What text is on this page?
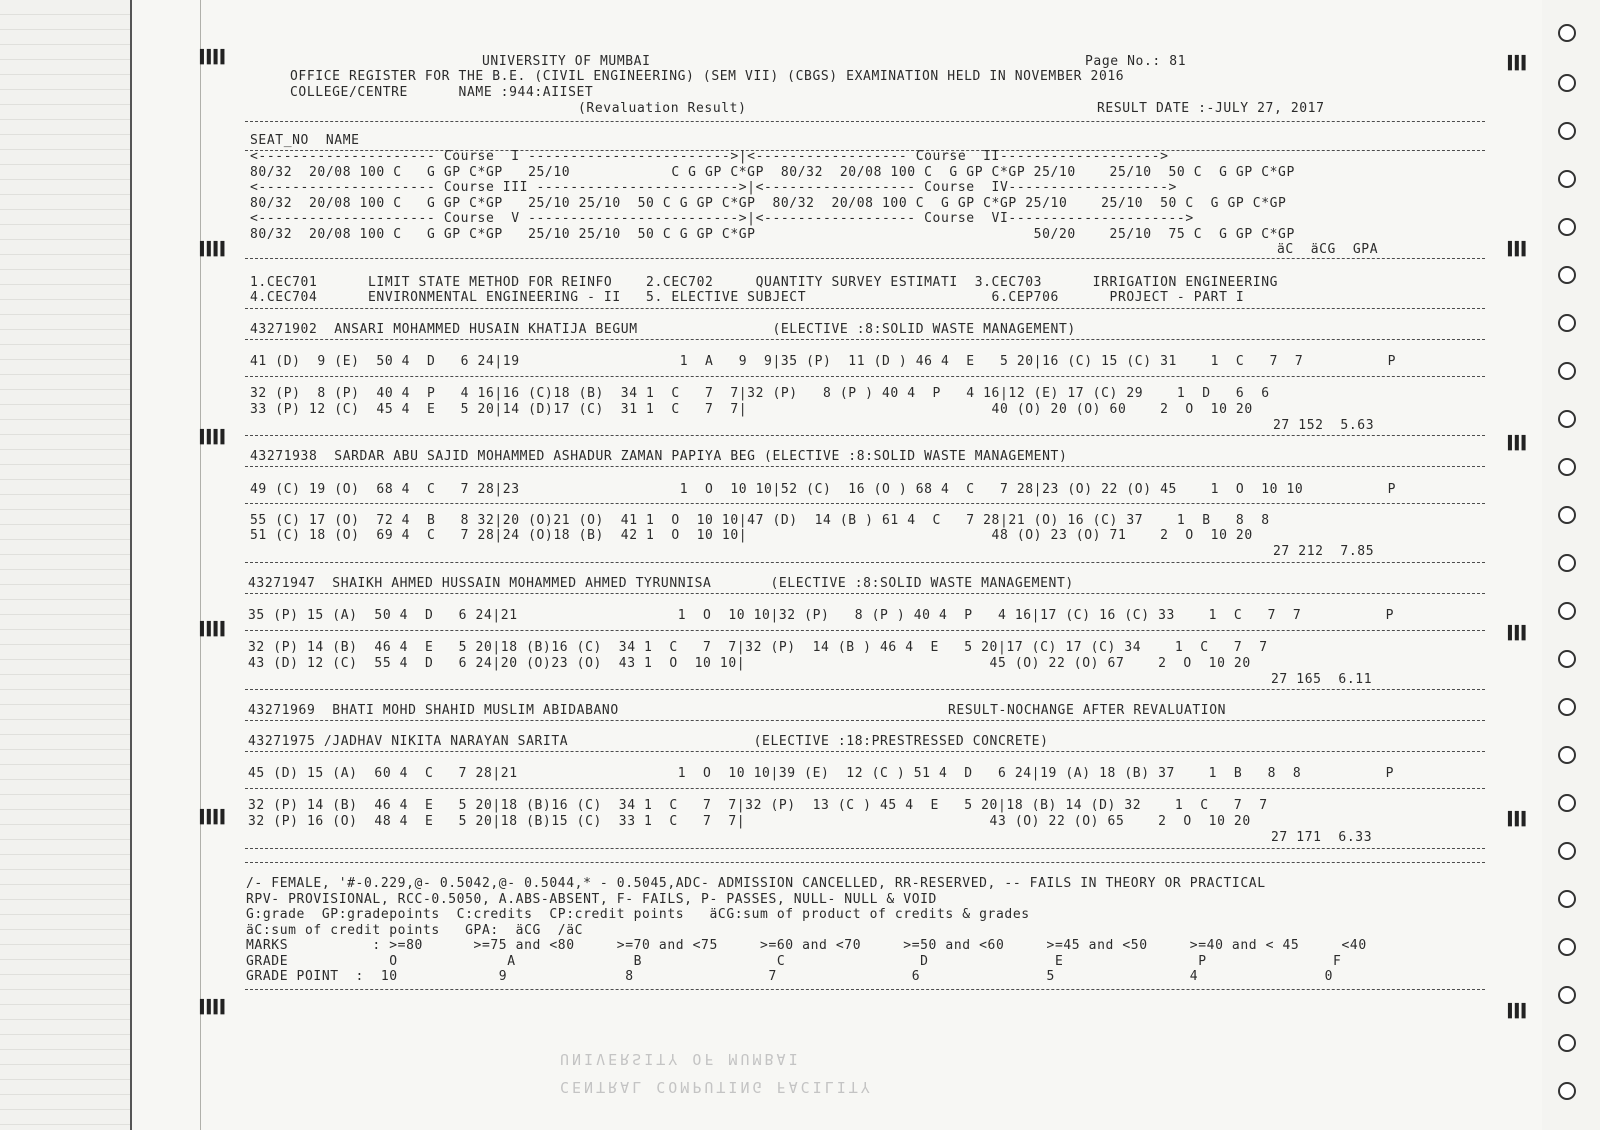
▌▌▌▌	▌▌▌
▌▌▌▌	▌▌▌
▌▌▌▌	▌▌▌
▌▌▌▌	▌▌▌
▌▌▌▌	▌▌▌
▌▌▌▌	▌▌▌
UNIVERSITY OF MUMBAI	Page No.: 81
OFFICE REGISTER FOR THE B.E. (CIVIL ENGINEERING) (SEM VII) (CBGS) EXAMINATION HELD IN NOVEMBER 2016
COLLEGE/CENTRE      NAME :944:AIISET
(Revaluation Result)	RESULT DATE :-JULY 27, 2017
SEAT_NO  NAME
<--------------------- Course  I ------------------------>|<------------------ Course  II------------------->
80/32  20/08 100 C   G GP C*GP   25/10            C G GP C*GP  80/32  20/08 100 C  G GP C*GP 25/10    25/10  50 C  G GP C*GP
<--------------------- Course III ------------------------>|<------------------ Course  IV------------------->
80/32  20/08 100 C   G GP C*GP   25/10 25/10  50 C G GP C*GP  80/32  20/08 100 C  G GP C*GP 25/10    25/10  50 C  G GP C*GP
<--------------------- Course  V ------------------------->|<------------------ Course  VI--------------------->
80/32  20/08 100 C   G GP C*GP   25/10 25/10  50 C G GP C*GP                                 50/20    25/10  75 C  G GP C*GP
äC  äCG  GPA
1.CEC701      LIMIT STATE METHOD FOR REINFO    2.CEC702     QUANTITY SURVEY ESTIMATI  3.CEC703      IRRIGATION ENGINEERING
4.CEC704      ENVIRONMENTAL ENGINEERING - II   5. ELECTIVE SUBJECT                      6.CEP706      PROJECT - PART I
43271902  ANSARI MOHAMMED HUSAIN KHATIJA BEGUM                (ELECTIVE :8:SOLID WASTE MANAGEMENT)
41 (D)  9 (E)  50 4  D   6 24|19                   1  A   9  9|35 (P)  11 (D ) 46 4  E   5 20|16 (C) 15 (C) 31    1  C   7  7          P
32 (P)  8 (P)  40 4  P   4 16|16 (C)18 (B)  34 1  C   7  7|32 (P)   8 (P ) 40 4  P   4 16|12 (E) 17 (C) 29    1  D   6  6
33 (P) 12 (C)  45 4  E   5 20|14 (D)17 (C)  31 1  C   7  7|                             40 (O) 20 (O) 60    2  O  10 20
27 152  5.63
43271938  SARDAR ABU SAJID MOHAMMED ASHADUR ZAMAN PAPIYA BEG (ELECTIVE :8:SOLID WASTE MANAGEMENT)
49 (C) 19 (O)  68 4  C   7 28|23                   1  O  10 10|52 (C)  16 (O ) 68 4  C   7 28|23 (O) 22 (O) 45    1  O  10 10          P
55 (C) 17 (O)  72 4  B   8 32|20 (O)21 (O)  41 1  O  10 10|47 (D)  14 (B ) 61 4  C   7 28|21 (O) 16 (C) 37    1  B   8  8
51 (C) 18 (O)  69 4  C   7 28|24 (O)18 (B)  42 1  O  10 10|                             48 (O) 23 (O) 71    2  O  10 20
27 212  7.85
43271947  SHAIKH AHMED HUSSAIN MOHAMMED AHMED TYRUNNISA       (ELECTIVE :8:SOLID WASTE MANAGEMENT)
35 (P) 15 (A)  50 4  D   6 24|21                   1  O  10 10|32 (P)   8 (P ) 40 4  P   4 16|17 (C) 16 (C) 33    1  C   7  7          P
32 (P) 14 (B)  46 4  E   5 20|18 (B)16 (C)  34 1  C   7  7|32 (P)  14 (B ) 46 4  E   5 20|17 (C) 17 (C) 34    1  C   7  7
43 (D) 12 (C)  55 4  D   6 24|20 (O)23 (O)  43 1  O  10 10|                             45 (O) 22 (O) 67    2  O  10 20
27 165  6.11
43271969  BHATI MOHD SHAHID MUSLIM ABIDABANO	RESULT-NOCHANGE AFTER REVALUATION
43271975 /JADHAV NIKITA NARAYAN SARITA                      (ELECTIVE :18:PRESTRESSED CONCRETE)
45 (D) 15 (A)  60 4  C   7 28|21                   1  O  10 10|39 (E)  12 (C ) 51 4  D   6 24|19 (A) 18 (B) 37    1  B   8  8          P
32 (P) 14 (B)  46 4  E   5 20|18 (B)16 (C)  34 1  C   7  7|32 (P)  13 (C ) 45 4  E   5 20|18 (B) 14 (D) 32    1  C   7  7
32 (P) 16 (O)  48 4  E   5 20|18 (B)15 (C)  33 1  C   7  7|                             43 (O) 22 (O) 65    2  O  10 20
27 171  6.33
/- FEMALE, '#-0.229,@- 0.5042,@- 0.5044,* - 0.5045,ADC- ADMISSION CANCELLED, RR-RESERVED, -- FAILS IN THEORY OR PRACTICAL
RPV- PROVISIONAL, RCC-0.5050, A.ABS-ABSENT, F- FAILS, P- PASSES, NULL- NULL & VOID
G:grade  GP:gradepoints  C:credits  CP:credit points   äCG:sum of product of credits & grades
äC:sum of credit points   GPA:  äCG  /äC
MARKS          : >=80      >=75 and <80     >=70 and <75     >=60 and <70     >=50 and <60     >=45 and <50     >=40 and < 45     <40
GRADE            O             A              B                C                D               E                P               F
GRADE POINT  :  10            9              8                7                6               5                4               0
UNIVERSITY OF MUMBAI
CENTRAL COMPUTING FACILITY
